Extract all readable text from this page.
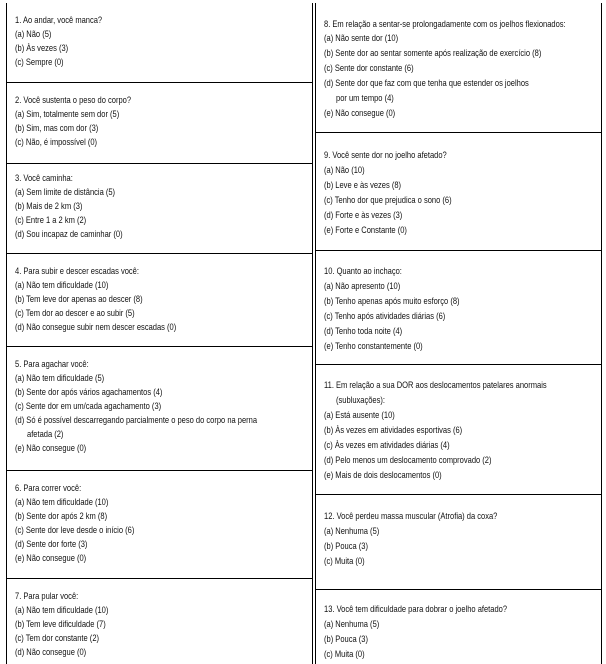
1. Ao andar, você manca?
(a) Não (5)
(b) Às vezes (3)
(c) Sempre (0)
2. Você sustenta o peso do corpo?
(a) Sim, totalmente sem dor (5)
(b) Sim, mas com dor (3)
(c) Não, é impossível (0)
3. Você caminha:
(a) Sem limite de distância (5)
(b) Mais de 2 km (3)
(c) Entre 1 a 2 km (2)
(d) Sou incapaz de caminhar (0)
4. Para subir e descer escadas você:
(a) Não tem dificuldade (10)
(b) Tem leve dor apenas ao descer (8)
(c) Tem dor ao descer e ao subir (5)
(d) Não consegue subir nem descer escadas (0)
5. Para agachar você:
(a) Não tem dificuldade (5)
(b) Sente dor após vários agachamentos (4)
(c) Sente dor em um/cada agachamento (3)
(d) Só é possível descarregando parcialmente o peso do corpo na perna
afetada (2)
(e) Não consegue (0)
6. Para correr você:
(a) Não tem dificuldade (10)
(b) Sente dor após 2 km (8)
(c) Sente dor leve desde o início (6)
(d) Sente dor forte (3)
(e) Não consegue (0)
7. Para pular você:
(a) Não tem dificuldade (10)
(b) Tem leve dificuldade (7)
(c) Tem dor constante (2)
(d) Não consegue (0)
8. Em relação a sentar-se prolongadamente com os joelhos flexionados:
(a) Não sente dor (10)
(b) Sente dor ao sentar somente após realização de exercício (8)
(c) Sente dor constante (6)
(d) Sente dor que faz com que tenha que estender os joelhos
por um tempo (4)
(e) Não consegue (0)
9. Você sente dor no joelho afetado?
(a) Não (10)
(b) Leve e às vezes (8)
(c) Tenho dor que prejudica o sono (6)
(d) Forte e às vezes (3)
(e) Forte e Constante (0)
10. Quanto ao inchaço:
(a) Não apresento (10)
(b) Tenho apenas após muito esforço (8)
(c) Tenho após atividades diárias (6)
(d) Tenho toda noite (4)
(e) Tenho constantemente (0)
11. Em relação a sua DOR aos deslocamentos patelares anormais
(subluxações):
(a) Está ausente (10)
(b) Às vezes em atividades esportivas (6)
(c) Às vezes em atividades diárias (4)
(d) Pelo menos um deslocamento comprovado (2)
(e) Mais de dois deslocamentos (0)
12. Você perdeu massa muscular (Atrofia) da coxa?
(a) Nenhuma (5)
(b) Pouca (3)
(c) Muita (0)
13. Você tem dificuldade para dobrar o joelho afetado?
(a) Nenhuma (5)
(b) Pouca (3)
(c) Muita (0)
